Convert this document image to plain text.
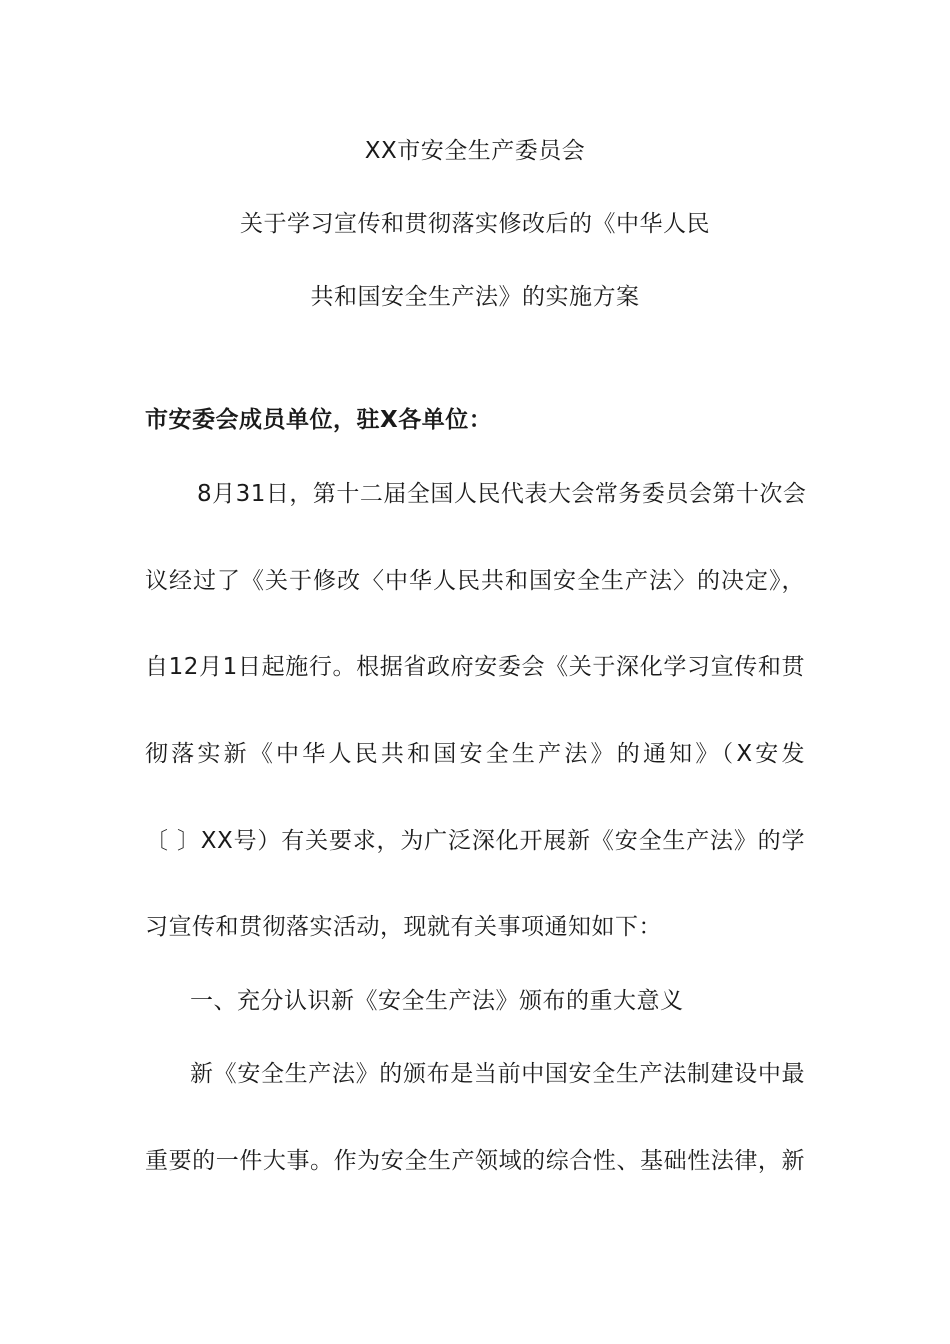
XX市安全生产委员会
关于学习宣传和贯彻落实修改后的《中华人民
共和国安全生产法》的实施方案
市安委会成员单位，驻X各单位：
8月31日，第十二届全国人民代表大会常务委员会第十次会
议经过了《关于修改〈中华人民共和国安全生产法〉的决定》，
自12月1日起施行。根据省政府安委会《关于深化学习宣传和贯
彻落实新《中华人民共和国安全生产法》的通知》（X安发
〔 〕XX号）有关要求，为广泛深化开展新《安全生产法》的学
习宣传和贯彻落实活动，现就有关事项通知如下：
一、充分认识新《安全生产法》颁布的重大意义
新《安全生产法》的颁布是当前中国安全生产法制建设中最
重要的一件大事。作为安全生产领域的综合性、基础性法律，新
